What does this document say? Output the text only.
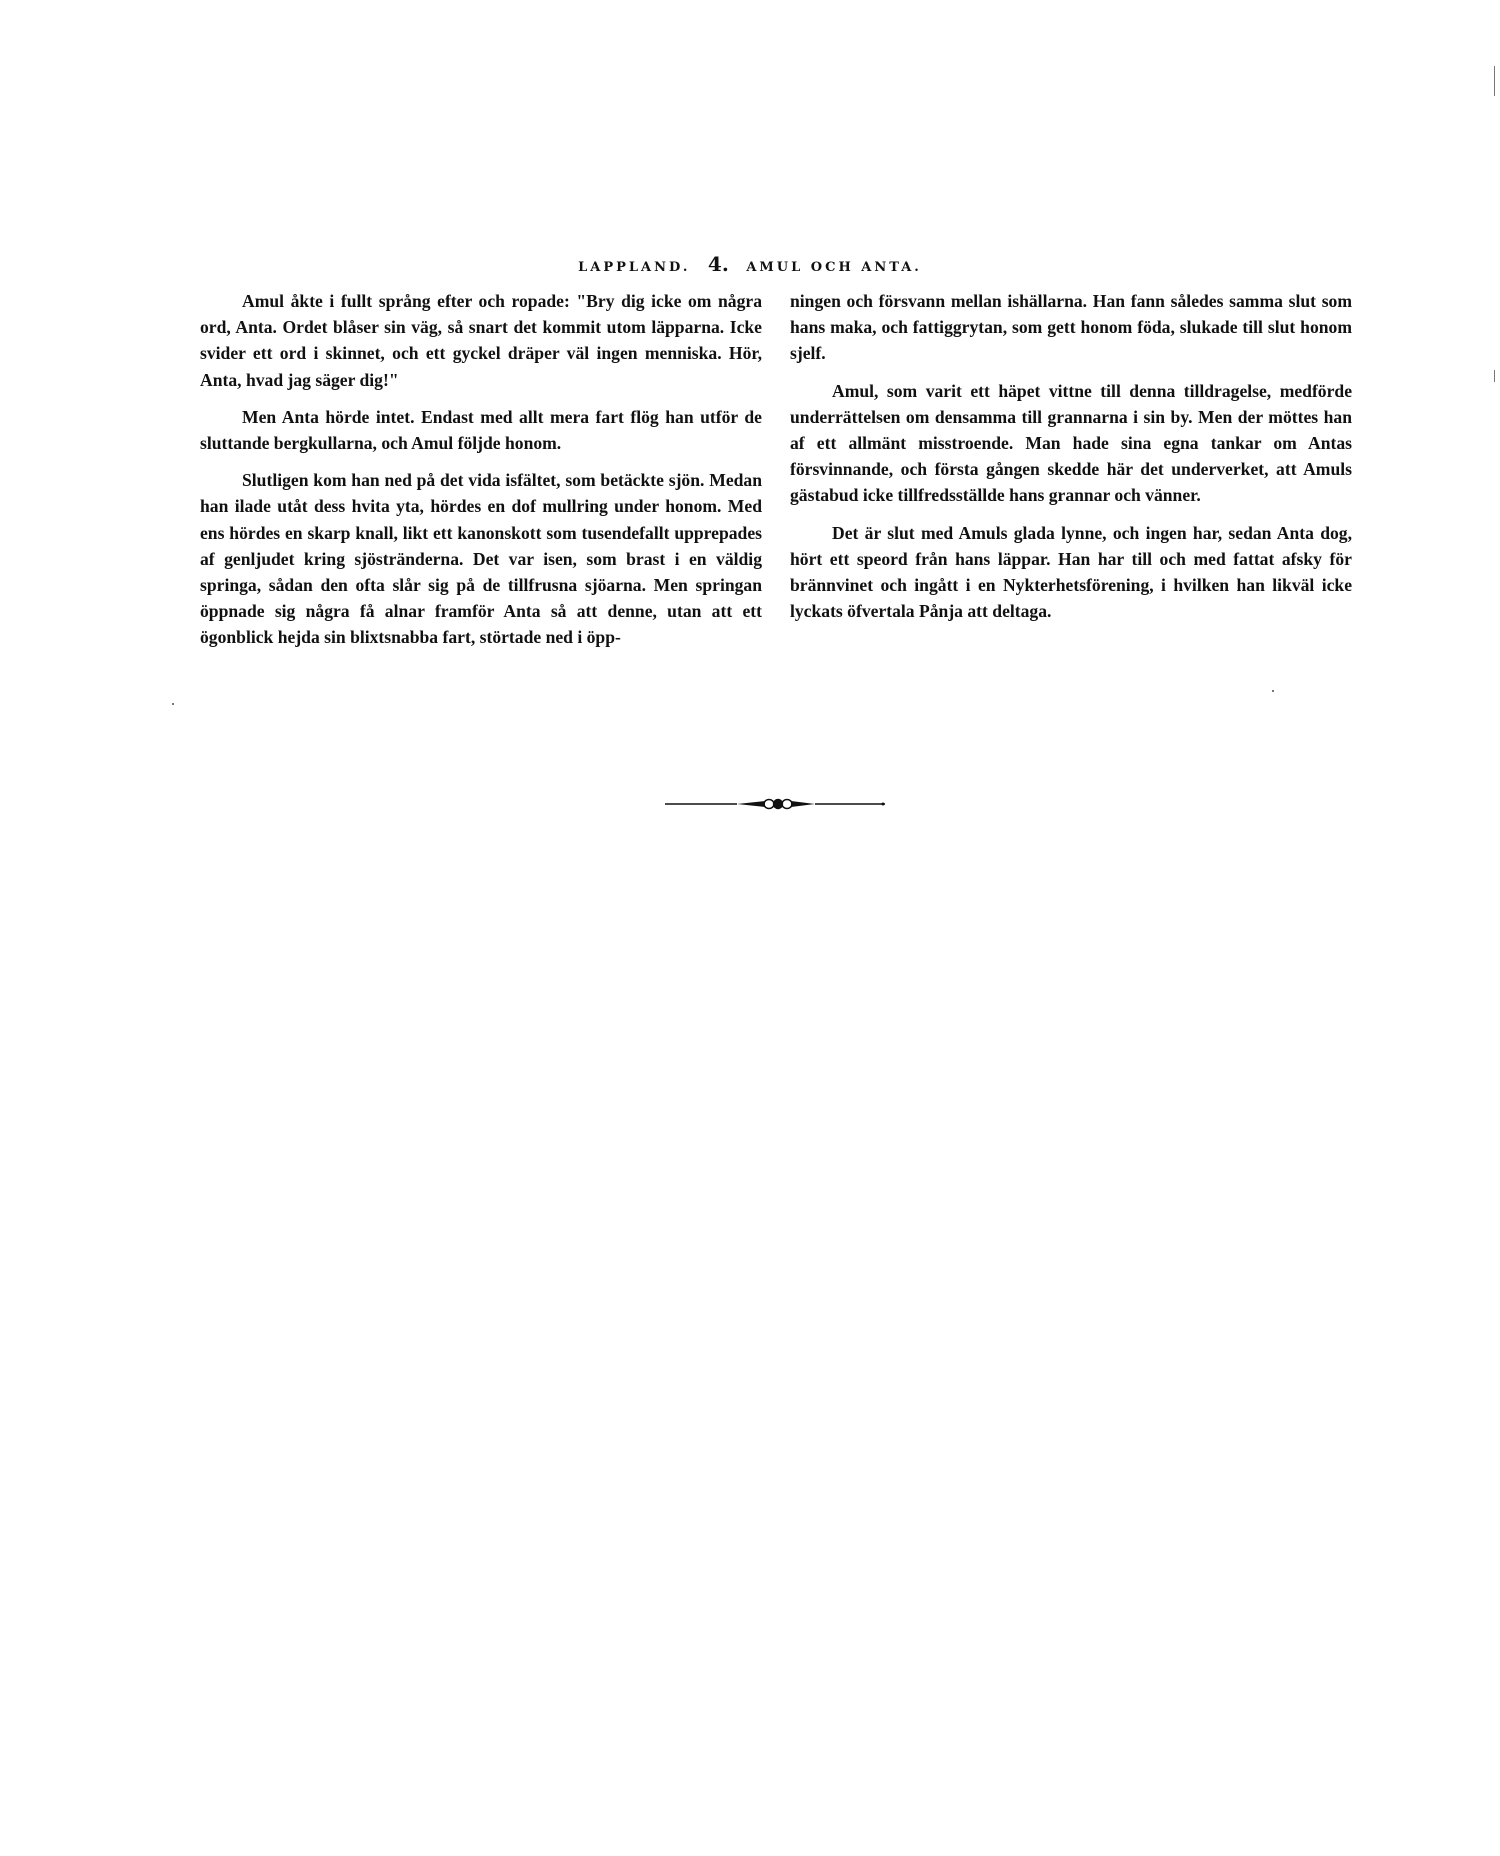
LAPPLAND. 4. AMUL OCH ANTA.

Amul åkte i fullt språng efter och ropade: "Bry dig icke om några ord, Anta. Ordet blåser sin väg, så snart det kommit utom läpparna. Icke svider ett ord i skinnet, och ett gyckel dräper väl ingen menniska. Hör, Anta, hvad jag säger dig!"

Men Anta hörde intet. Endast med allt mera fart flög han utför de sluttande bergkullarna, och Amul följde honom.

Slutligen kom han ned på det vida isfältet, som betäckte sjön. Medan han ilade utåt dess hvita yta, hördes en dof mullring under honom. Med ens hördes en skarp knall, likt ett kanonskott som tusendefallt upprepades af genljudet kring sjöstränderna. Det var isen, som brast i en väldig springa, sådan den ofta slår sig på de tillfrusna sjöarna. Men springan öppnade sig några få alnar framför Anta så att denne, utan att ett ögonblick hejda sin blixtsnabba fart, störtade ned i öpp-

ningen och försvann mellan ishällarna. Han fann således samma slut som hans maka, och fattiggrytan, som gett honom föda, slukade till slut honom sjelf.

Amul, som varit ett häpet vittne till denna tilldragelse, medförde underrättelsen om densamma till grannarna i sin by. Men der möttes han af ett allmänt misstroende. Man hade sina egna tankar om Antas försvinnande, och första gången skedde här det underverket, att Amuls gästabud icke tillfredsställde hans grannar och vänner.

Det är slut med Amuls glada lynne, och ingen har, sedan Anta dog, hört ett speord från hans läppar. Han har till och med fattat afsky för brännvinet och ingått i en Nykterhetsförening, i hvilken han likväl icke lyckats öfvertala Pånja att deltaga.
